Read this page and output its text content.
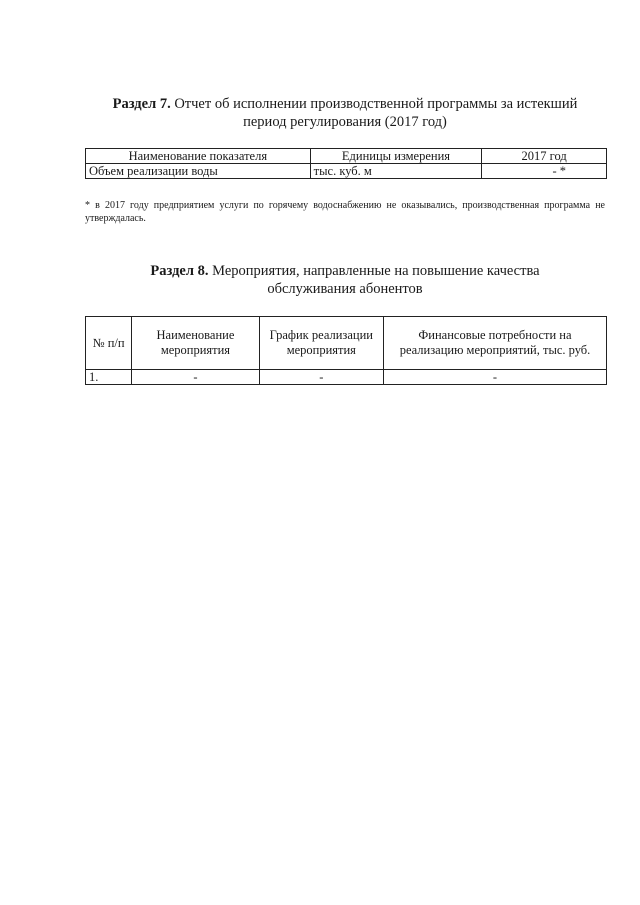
Раздел 7. Отчет об исполнении производственной программы за истекший
период регулирования (2017 год)
Наименование показателя	Единицы измерения	2017 год
Объем реализации воды	тыс. куб. м	- *
* в 2017 году предприятием услуги по горячему водоснабжению не оказывались, производственная программа не утверждалась.
Раздел 8. Мероприятия, направленные на повышение качества
обслуживания абонентов
№ п/п	Наименование мероприятия	График реализации мероприятия	Финансовые потребности на реализацию мероприятий, тыс. руб.
1.	-	-	-
